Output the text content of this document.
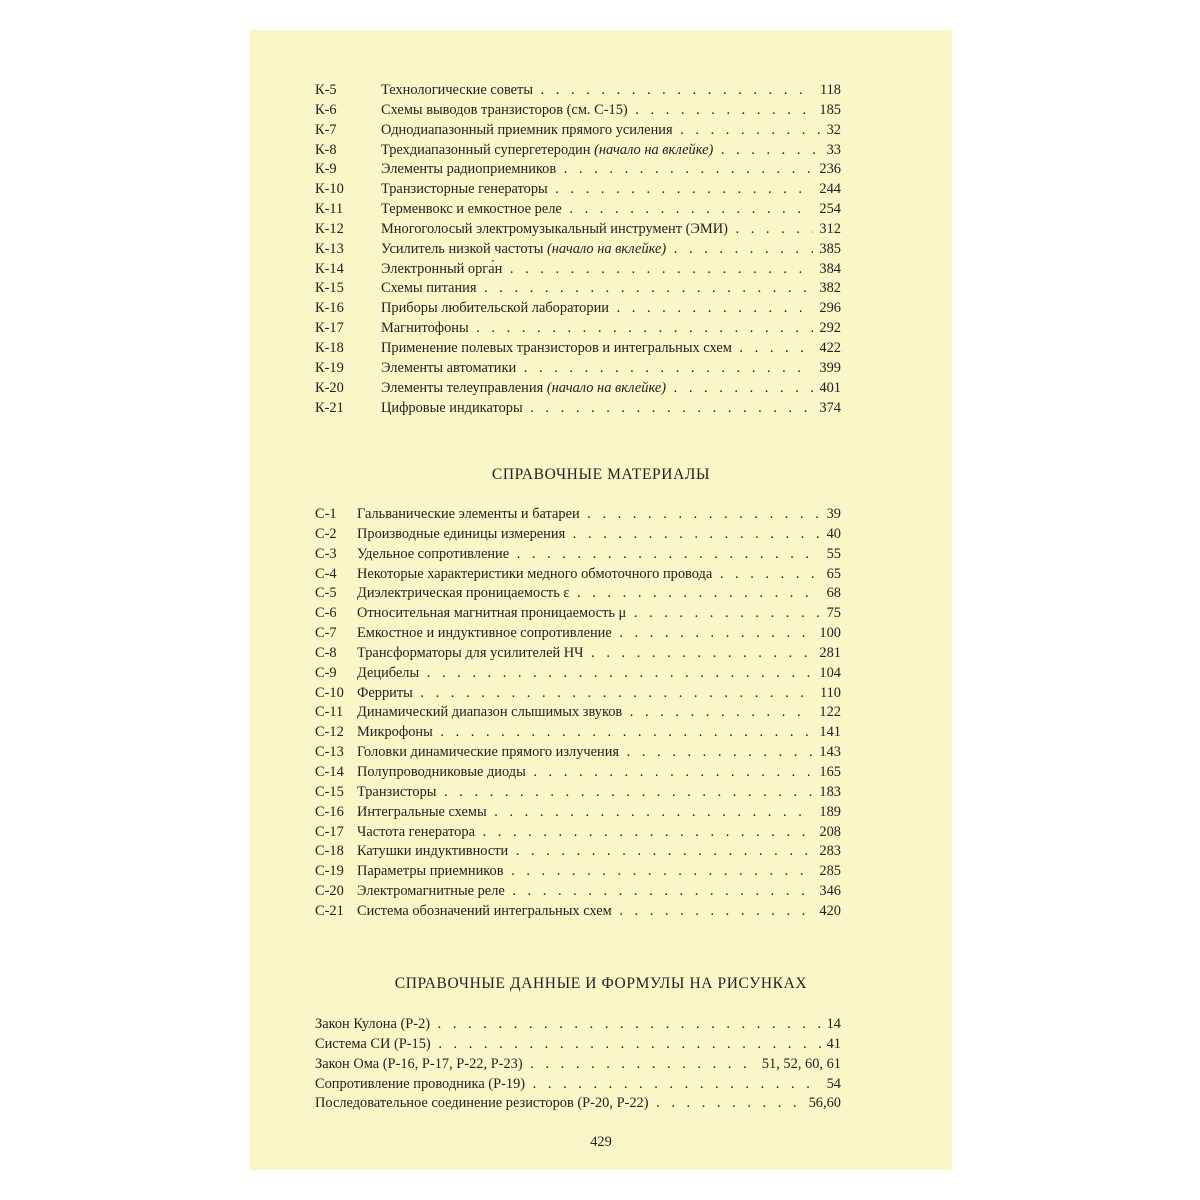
К-5	Технологические советы . . .	118
К-6	Схемы выводов транзисторов (см. С-15) . . .	185
К-7	Однодиапазонный приемник прямого усиления . . .	32
К-8	Трехдиапазонный супергетеродин (начало на вклейке) . . .	33
К-9	Элементы радиоприемников . . .	236
К-10	Транзисторные генераторы . . .	244
К-11	Терменвокс и емкостное реле . . .	254
К-12	Многоголосый электромузыкальный инструмент (ЭМИ) . . .	312
К-13	Усилитель низкой частоты (начало на вклейке) . . .	385
К-14	Электронный орга́н . . .	384
К-15	Схемы питания . . .	382
К-16	Приборы любительской лаборатории . . .	296
К-17	Магнитофоны . . .	292
К-18	Применение полевых транзисторов и интегральных схем . . .	422
К-19	Элементы автоматики . . .	399
К-20	Элементы телеуправления (начало на вклейке) . . .	401
К-21	Цифровые индикаторы . . .	374
СПРАВОЧНЫЕ МАТЕРИАЛЫ
С-1 Гальванические элементы и батареи . . .	39
С-2 Производные единицы измерения . . .	40
С-3 Удельное сопротивление . . .	55
С-4 Некоторые характеристики медного обмоточного провода . . .	65
С-5 Диэлектрическая проницаемость ε . . .	68
С-6 Относительная магнитная проницаемость μ . . .	75
С-7 Емкостное и индуктивное сопротивление . . .	100
С-8 Трансформаторы для усилителей НЧ . . .	281
С-9 Децибелы . . .	104
С-10 Ферриты . . .	110
С-11 Динамический диапазон слышимых звуков . . .	122
С-12 Микрофоны . . .	141
С-13 Головки динамические прямого излучения . . .	143
С-14 Полупроводниковые диоды . . .	165
С-15 Транзисторы . . .	183
С-16 Интегральные схемы . . .	189
С-17 Частота генератора . . .	208
С-18 Катушки индуктивности . . .	283
С-19 Параметры приемников . . .	285
С-20 Электромагнитные реле . . .	346
С-21 Система обозначений интегральных схем . . .	420
СПРАВОЧНЫЕ ДАННЫЕ И ФОРМУЛЫ НА РИСУНКАХ
Закон Кулона (Р-2) . . .	14
Система СИ (Р-15) . . .	41
Закон Ома (Р-16, Р-17, Р-22, Р-23) . . .	51, 52, 60, 61
Сопротивление проводника (Р-19) . . .	54
Последовательное соединение резисторов (Р-20, Р-22) . . .	56,60
429
